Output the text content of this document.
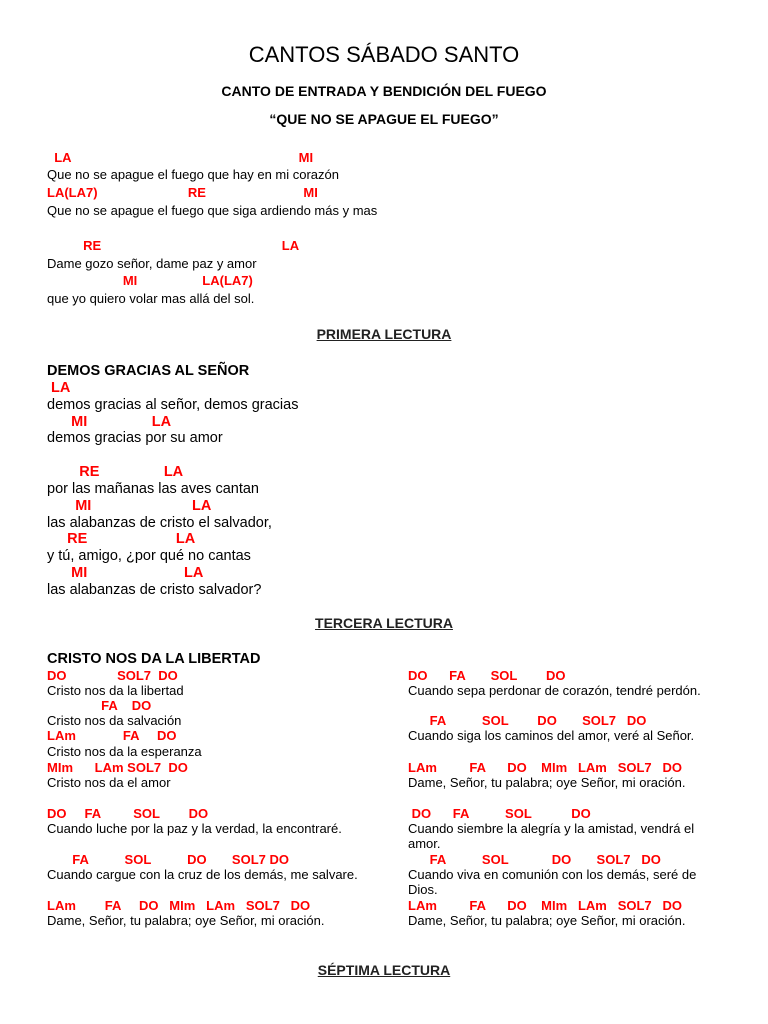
CANTOS SÁBADO SANTO
CANTO DE ENTRADA Y BENDICIÓN DEL FUEGO
“QUE NO SE APAGUE EL FUEGO”
LA                                                               MI
Que no se apague el fuego que hay en mi corazón
LA(LA7)                         RE                           MI
Que no se apague el fuego que siga ardiendo más y mas
RE                                                  LA
Dame gozo señor, dame paz y amor
MI                  LA(LA7)
que yo quiero volar mas allá del sol.
PRIMERA LECTURA
DEMOS GRACIAS AL SEÑOR
LA
demos gracias al señor, demos gracias
MI                LA
demos gracias por su amor
RE                LA
por las mañanas las aves cantan
MI                         LA
las alabanzas de cristo el salvador,
RE                      LA
y tú, amigo, ¿por qué no cantas
MI                        LA
las alabanzas de cristo salvador?
TERCERA LECTURA
CRISTO NOS DA LA LIBERTAD
DO              SOL7  DO
Cristo nos da la libertad
FA    DO
Cristo nos da salvación
LAm             FA     DO
Cristo nos da la esperanza
MIm      LAm SOL7  DO
Cristo nos da el amor
DO     FA         SOL        DO
Cuando luche por la paz y la verdad, la encontraré.
FA          SOL          DO       SOL7 DO
Cuando cargue con la cruz de los demás, me salvare.
LAm        FA     DO   MIm   LAm   SOL7   DO
Dame, Señor, tu palabra; oye Señor, mi oración.
DO      FA       SOL        DO
Cuando sepa perdonar de corazón, tendré perdón.
FA          SOL        DO       SOL7   DO
Cuando siga los caminos del amor, veré al Señor.
LAm         FA      DO    MIm   LAm   SOL7   DO
Dame, Señor, tu palabra; oye Señor, mi oración.
DO      FA          SOL           DO
Cuando siembre la alegría y la amistad, vendrá el amor.
FA          SOL            DO       SOL7   DO
Cuando viva en comunión con los demás, seré de Dios.
LAm         FA      DO    MIm   LAm   SOL7   DO
Dame, Señor, tu palabra; oye Señor, mi oración.
SÉPTIMA LECTURA
